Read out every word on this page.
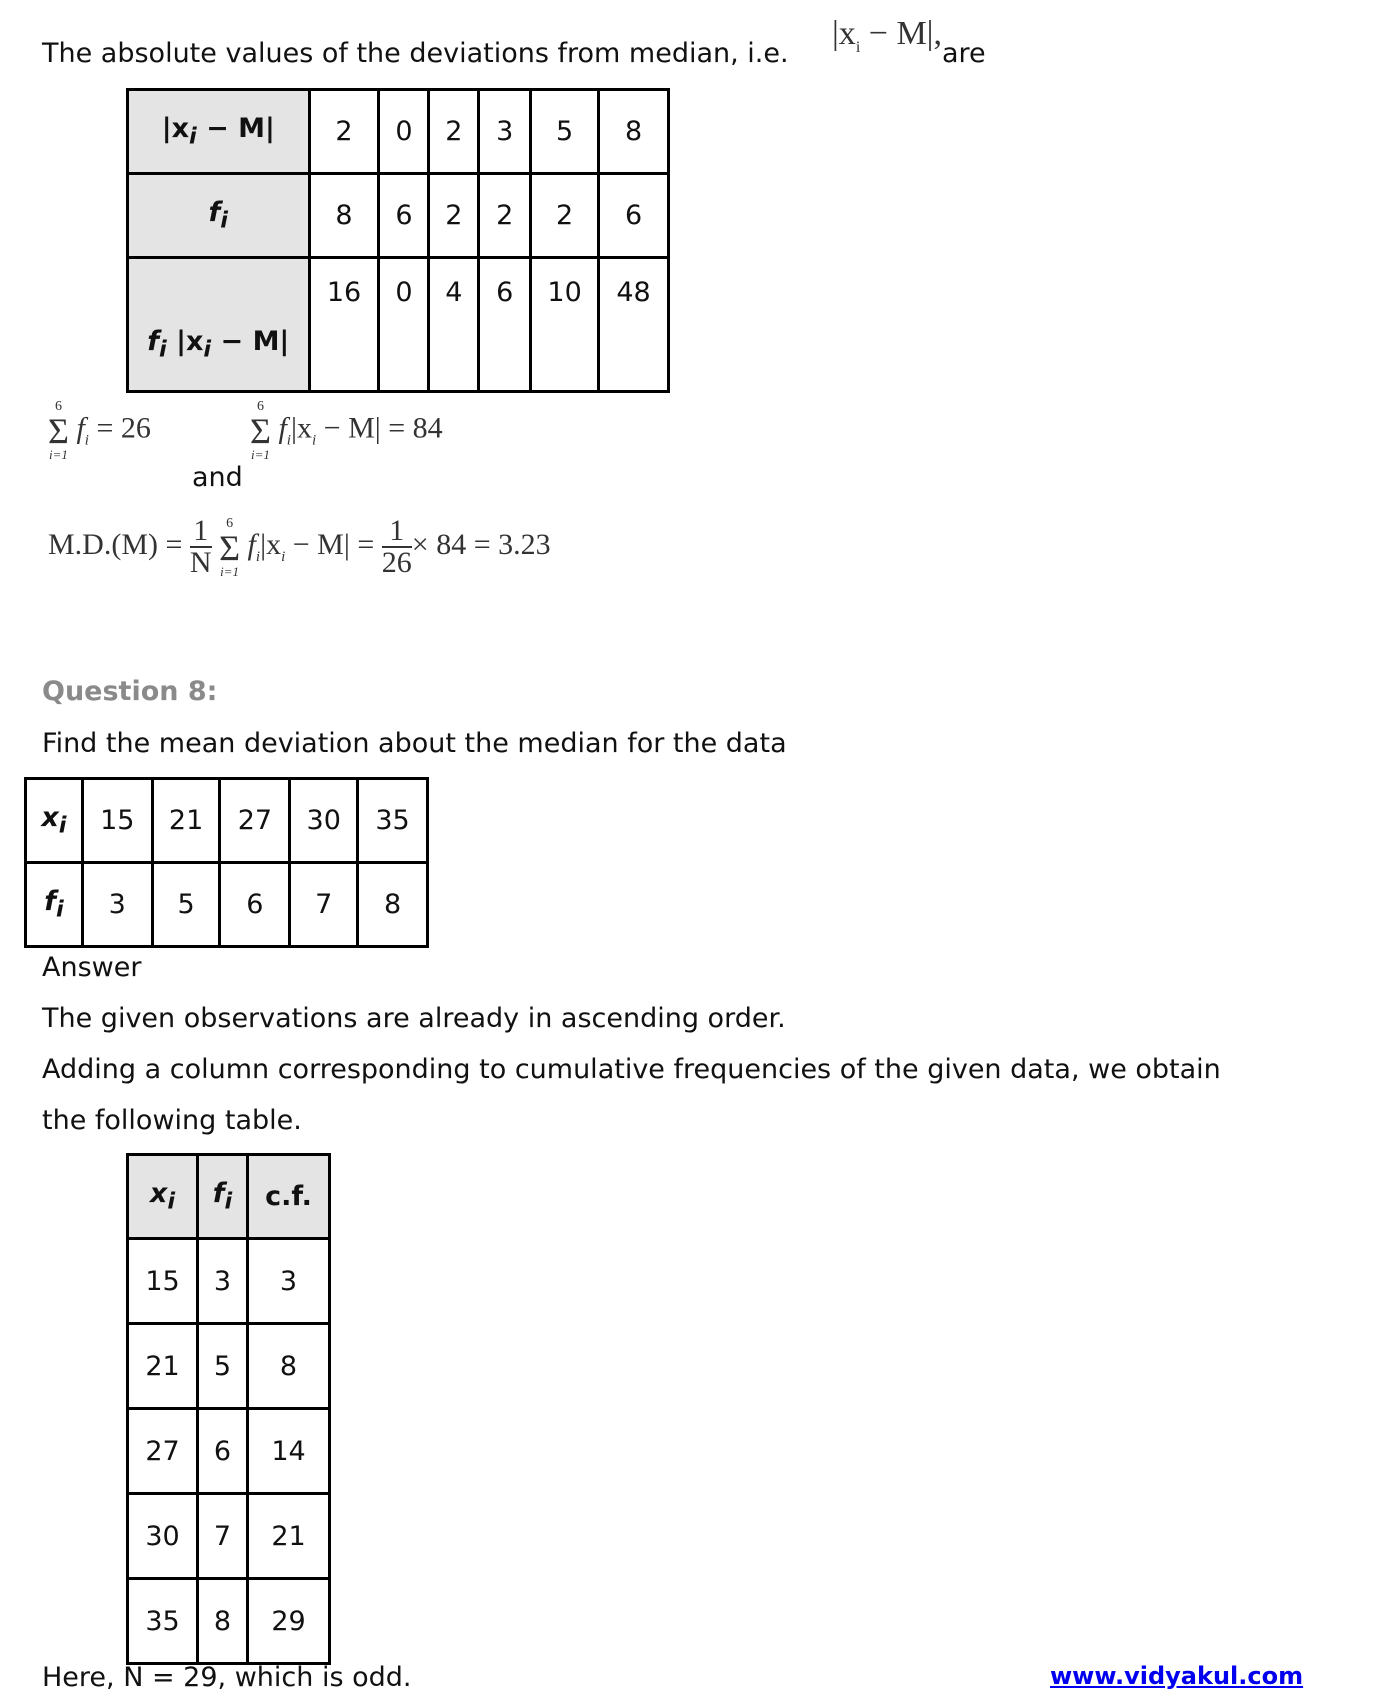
The absolute values of the deviations from median, i.e.
$|x_i - M|$,
are
$|x_i - M|$	2	0	2	3	5	8
$f_i$	8	6	2	2	2	6
$f_i$ $|x_i - M|$	16	0	4	6	10	48
6
Σ
i=1
$f_i = 26$
and
6
Σ
i=1
$f_i|x_i - M| = 84$
$M.D.(M) = \frac{1}{N}$
	6
Σ
i=1
$f_i|x_i - M| = \frac{1}{26} \times 84 = 3.23$
Question 8:
Find the mean deviation about the median for the data
$x_i$	15	21	27	30	35
$f_i$	3	5	6	7	8
Answer
The given observations are already in ascending order.
Adding a column corresponding to cumulative frequencies of the given data, we obtain
the following table.
$x_i$	$f_i$	c.f.
15	3	3
21	5	8
27	6	14
30	7	21
35	8	29
Here, N = 29, which is odd.	www.vidyakul.com
